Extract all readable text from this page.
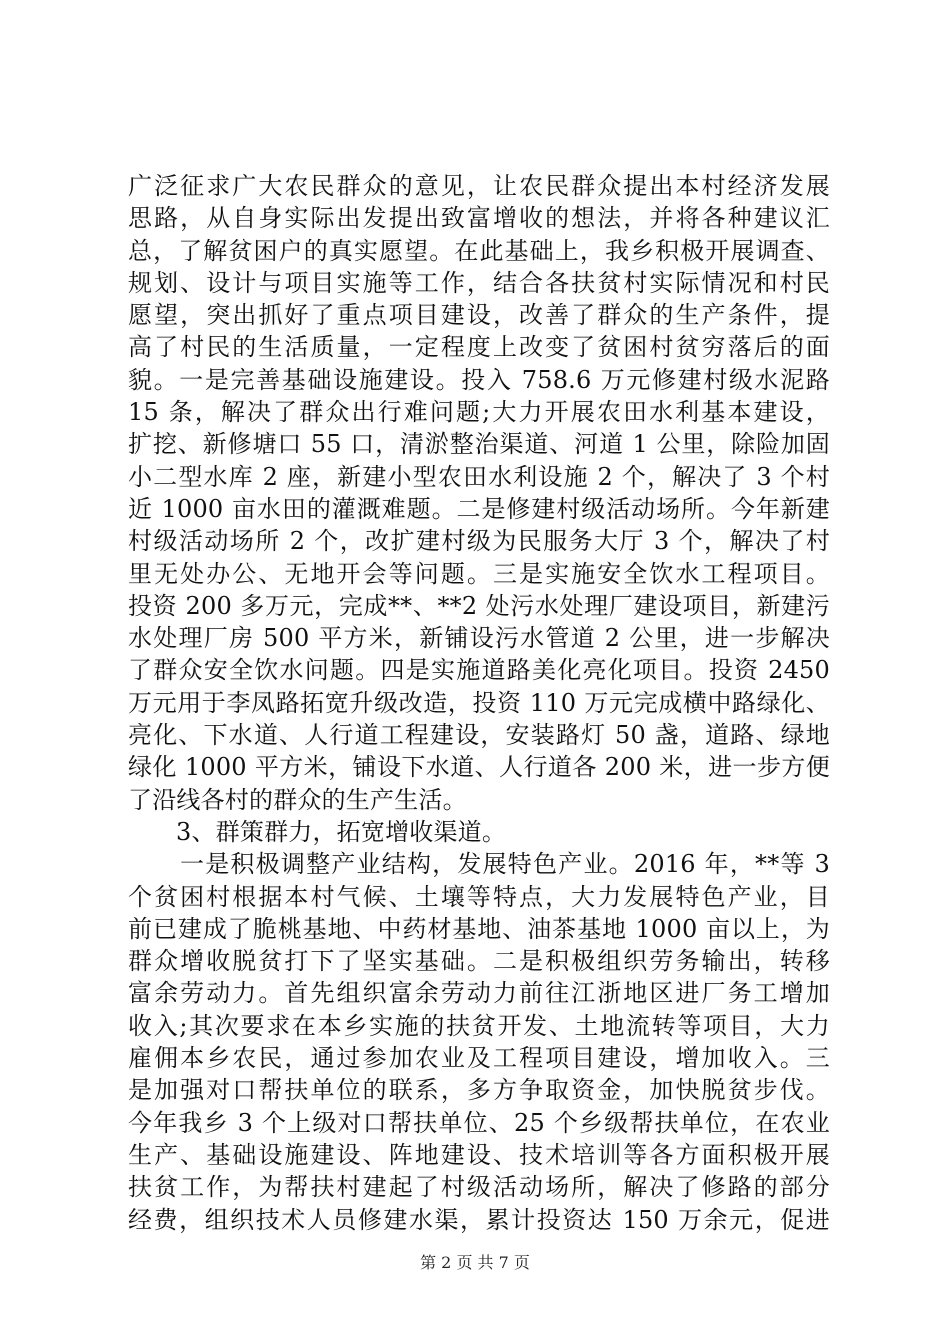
广泛征求广大农民群众的意见，让农民群众提出本村经济发展
思路，从自身实际出发提出致富增收的想法，并将各种建议汇
总，了解贫困户的真实愿望。在此基础上，我乡积极开展调查、
规划、设计与项目实施等工作，结合各扶贫村实际情况和村民
愿望，突出抓好了重点项目建设，改善了群众的生产条件，提
高了村民的生活质量，一定程度上改变了贫困村贫穷落后的面
貌。一是完善基础设施建设。投入 758.6 万元修建村级水泥路
15 条，解决了群众出行难问题;大力开展农田水利基本建设，
扩挖、新修塘口 55 口，清淤整治渠道、河道 1 公里，除险加固
小二型水库 2 座，新建小型农田水利设施 2 个，解决了 3 个村
近 1000 亩水田的灌溉难题。二是修建村级活动场所。今年新建
村级活动场所 2 个，改扩建村级为民服务大厅 3 个，解决了村
里无处办公、无地开会等问题。三是实施安全饮水工程项目。
投资 200 多万元，完成**、**2 处污水处理厂建设项目，新建污
水处理厂房 500 平方米，新铺设污水管道 2 公里，进一步解决
了群众安全饮水问题。四是实施道路美化亮化项目。投资 2450
万元用于李凤路拓宽升级改造，投资 110 万元完成横中路绿化、
亮化、下水道、人行道工程建设，安装路灯 50 盏，道路、绿地
绿化 1000 平方米，铺设下水道、人行道各 200 米，进一步方便
了沿线各村的群众的生产生活。
3、群策群力，拓宽增收渠道。
一是积极调整产业结构，发展特色产业。2016 年，**等 3
个贫困村根据本村气候、土壤等特点，大力发展特色产业，目
前已建成了脆桃基地、中药材基地、油茶基地 1000 亩以上，为
群众增收脱贫打下了坚实基础。二是积极组织劳务输出，转移
富余劳动力。首先组织富余劳动力前往江浙地区进厂务工增加
收入;其次要求在本乡实施的扶贫开发、土地流转等项目，大力
雇佣本乡农民，通过参加农业及工程项目建设，增加收入。三
是加强对口帮扶单位的联系，多方争取资金，加快脱贫步伐。
今年我乡 3 个上级对口帮扶单位、25 个乡级帮扶单位，在农业
生产、基础设施建设、阵地建设、技术培训等各方面积极开展
扶贫工作，为帮扶村建起了村级活动场所，解决了修路的部分
经费，组织技术人员修建水渠，累计投资达 150 万余元，促进
第 2 页 共 7 页
